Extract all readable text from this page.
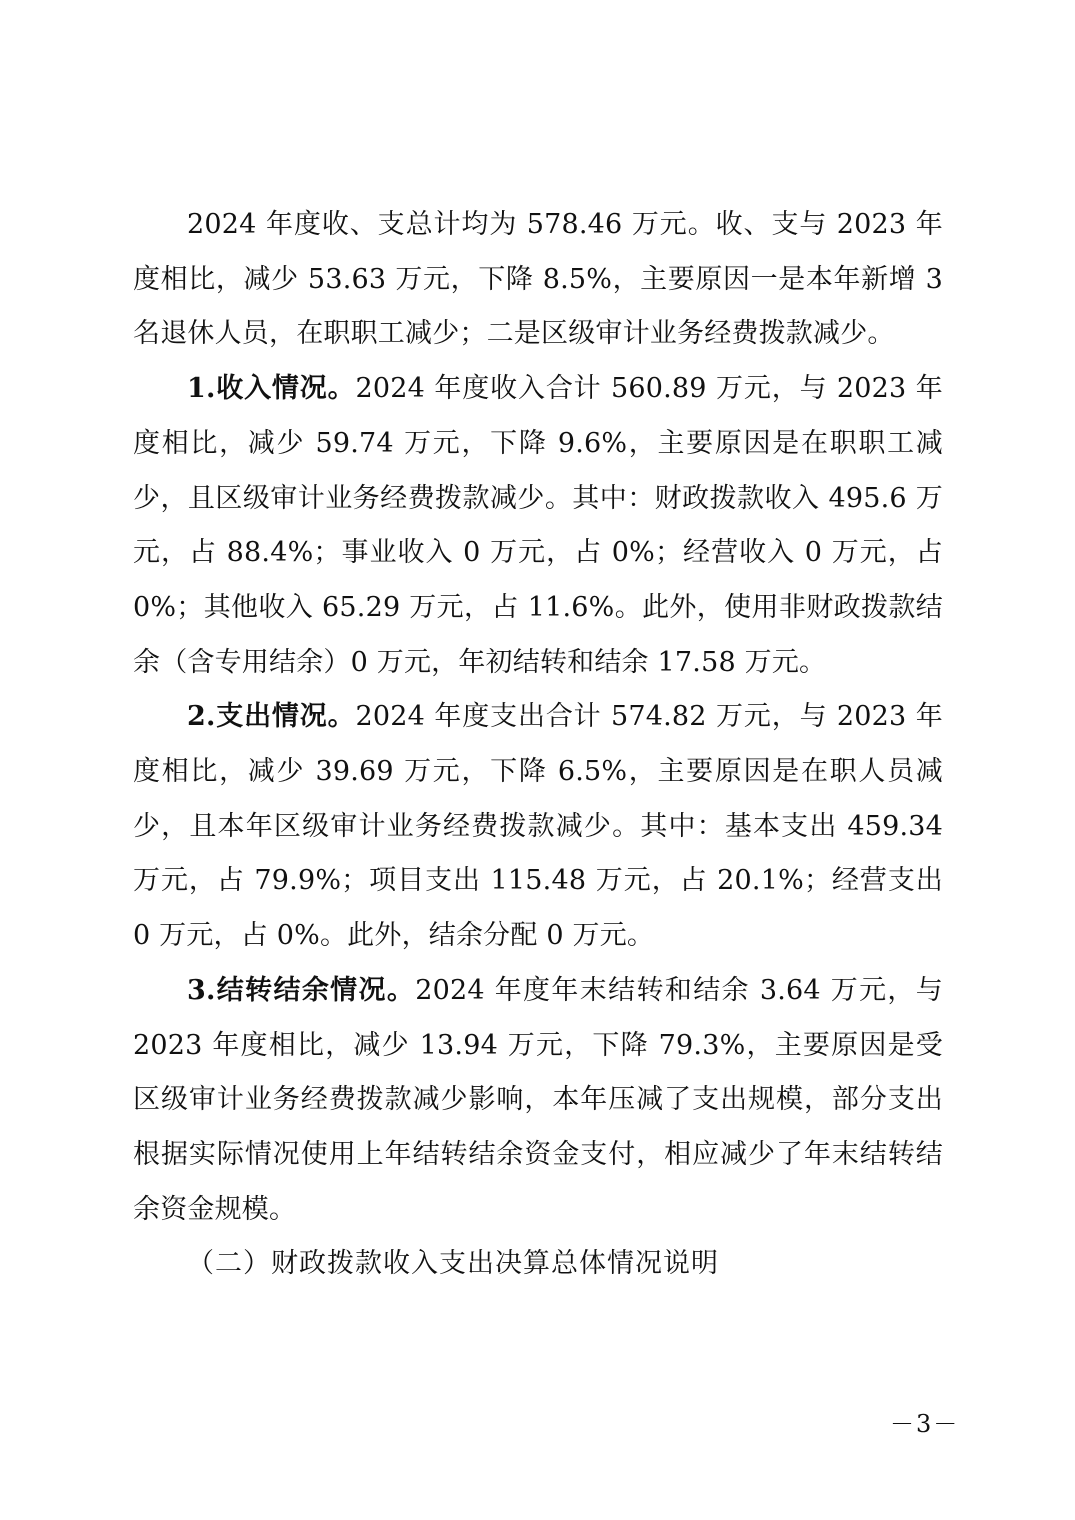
2024 年度收、支总计均为 578.46 万元。收、支与 2023 年度相比，减少 53.63 万元，下降 8.5%，主要原因一是本年新增 3 名退休人员，在职职工减少；二是区级审计业务经费拨款减少。

1.收入情况。2024 年度收入合计 560.89 万元，与 2023 年度相比，减少 59.74 万元，下降 9.6%，主要原因是在职职工减少，且区级审计业务经费拨款减少。其中：财政拨款收入 495.6 万元，占 88.4%；事业收入 0 万元，占 0%；经营收入 0 万元，占 0%；其他收入 65.29 万元，占 11.6%。此外，使用非财政拨款结余（含专用结余）0 万元，年初结转和结余 17.58 万元。

2.支出情况。2024 年度支出合计 574.82 万元，与 2023 年度相比，减少 39.69 万元，下降 6.5%，主要原因是在职人员减少，且本年区级审计业务经费拨款减少。其中：基本支出 459.34 万元，占 79.9%；项目支出 115.48 万元，占 20.1%；经营支出 0 万元，占 0%。此外，结余分配 0 万元。

3.结转结余情况。2024 年度年末结转和结余 3.64 万元，与 2023 年度相比，减少 13.94 万元，下降 79.3%，主要原因是受区级审计业务经费拨款减少影响，本年压减了支出规模，部分支出根据实际情况使用上年结转结余资金支付，相应减少了年末结转结余资金规模。

（二）财政拨款收入支出决算总体情况说明

－3－
